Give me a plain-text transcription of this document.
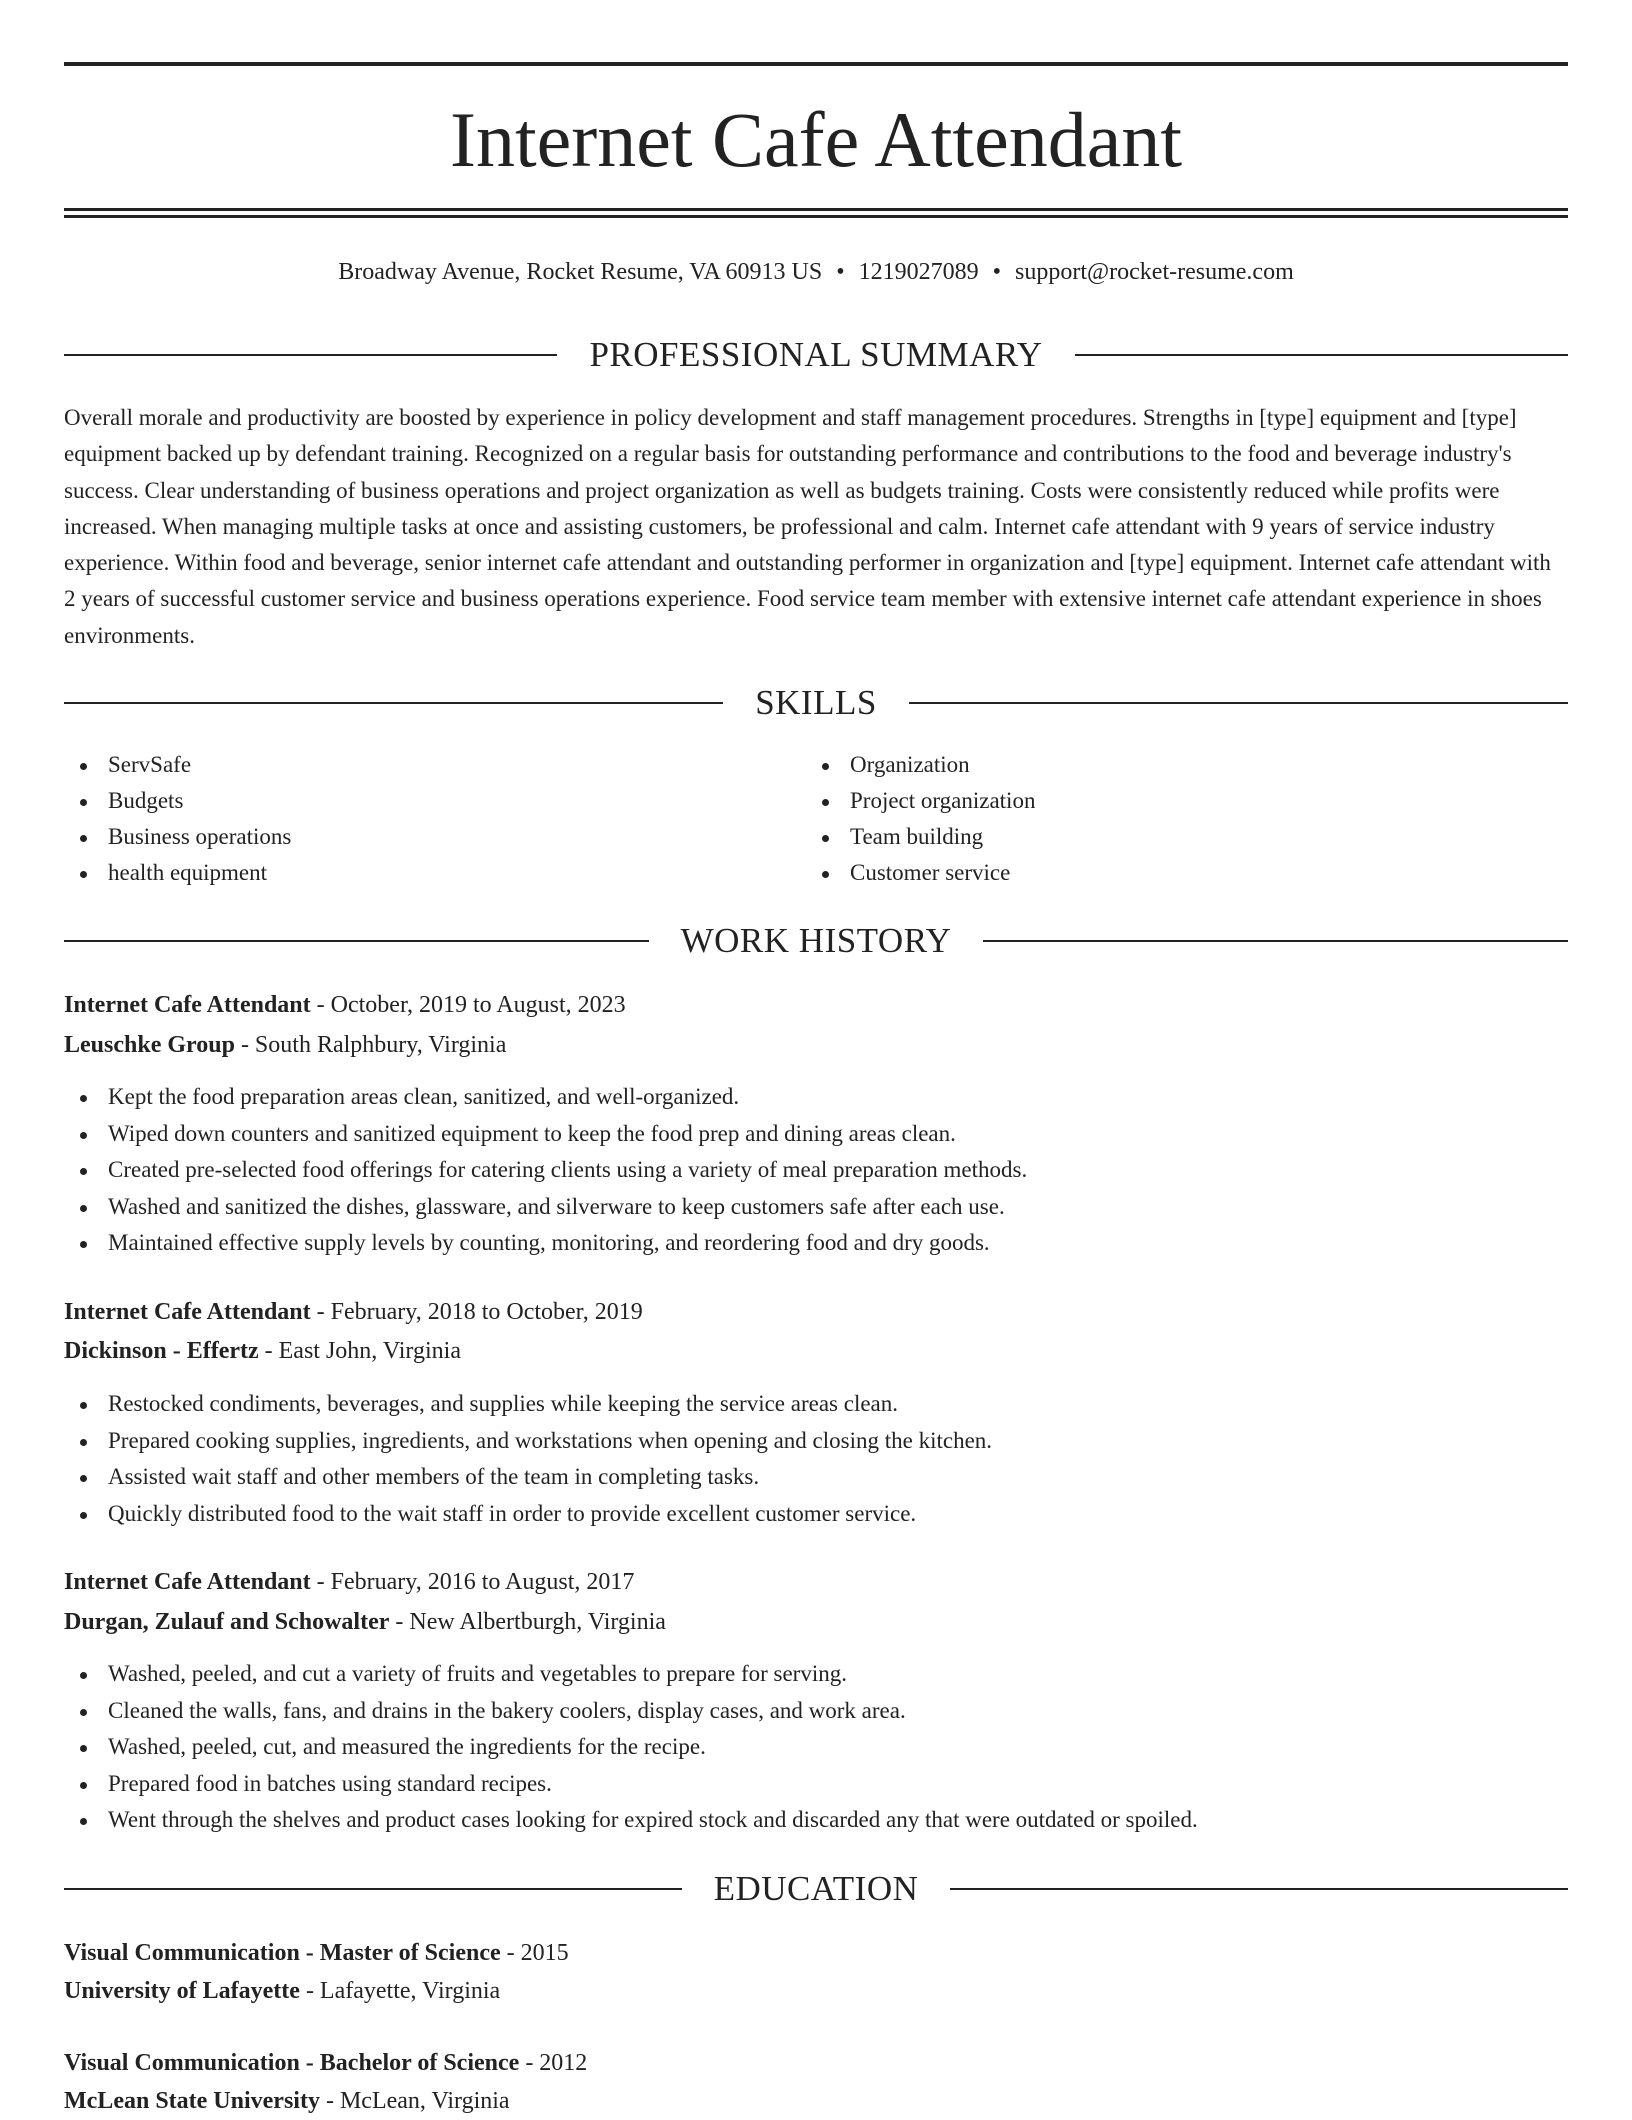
Internet Cafe Attendant
Broadway Avenue, Rocket Resume, VA 60913 US • 1219027089 • support@rocket-resume.com
PROFESSIONAL SUMMARY

Overall morale and productivity are boosted by experience in policy development and staff management procedures. Strengths in [type] equipment and [type] equipment backed up by defendant training. Recognized on a regular basis for outstanding performance and contributions to the food and beverage industry's success. Clear understanding of business operations and project organization as well as budgets training. Costs were consistently reduced while profits were increased. When managing multiple tasks at once and assisting customers, be professional and calm. Internet cafe attendant with 9 years of service industry experience. Within food and beverage, senior internet cafe attendant and outstanding performer in organization and [type] equipment. Internet cafe attendant with 2 years of successful customer service and business operations experience. Food service team member with extensive internet cafe attendant experience in shoes environments.

SKILLS
ServSafe
Budgets
Business operations
health equipment
Organization
Project organization
Team building
Customer service
WORK HISTORY
Internet Cafe Attendant - October, 2019 to August, 2023
Leuschke Group - South Ralphbury, Virginia
Kept the food preparation areas clean, sanitized, and well-organized.
Wiped down counters and sanitized equipment to keep the food prep and dining areas clean.
Created pre-selected food offerings for catering clients using a variety of meal preparation methods.
Washed and sanitized the dishes, glassware, and silverware to keep customers safe after each use.
Maintained effective supply levels by counting, monitoring, and reordering food and dry goods.
Internet Cafe Attendant - February, 2018 to October, 2019
Dickinson - Effertz - East John, Virginia
Restocked condiments, beverages, and supplies while keeping the service areas clean.
Prepared cooking supplies, ingredients, and workstations when opening and closing the kitchen.
Assisted wait staff and other members of the team in completing tasks.
Quickly distributed food to the wait staff in order to provide excellent customer service.
Internet Cafe Attendant - February, 2016 to August, 2017
Durgan, Zulauf and Schowalter - New Albertburgh, Virginia
Washed, peeled, and cut a variety of fruits and vegetables to prepare for serving.
Cleaned the walls, fans, and drains in the bakery coolers, display cases, and work area.
Washed, peeled, cut, and measured the ingredients for the recipe.
Prepared food in batches using standard recipes.
Went through the shelves and product cases looking for expired stock and discarded any that were outdated or spoiled.
EDUCATION
Visual Communication - Master of Science - 2015
University of Lafayette - Lafayette, Virginia
Visual Communication - Bachelor of Science - 2012
McLean State University - McLean, Virginia
